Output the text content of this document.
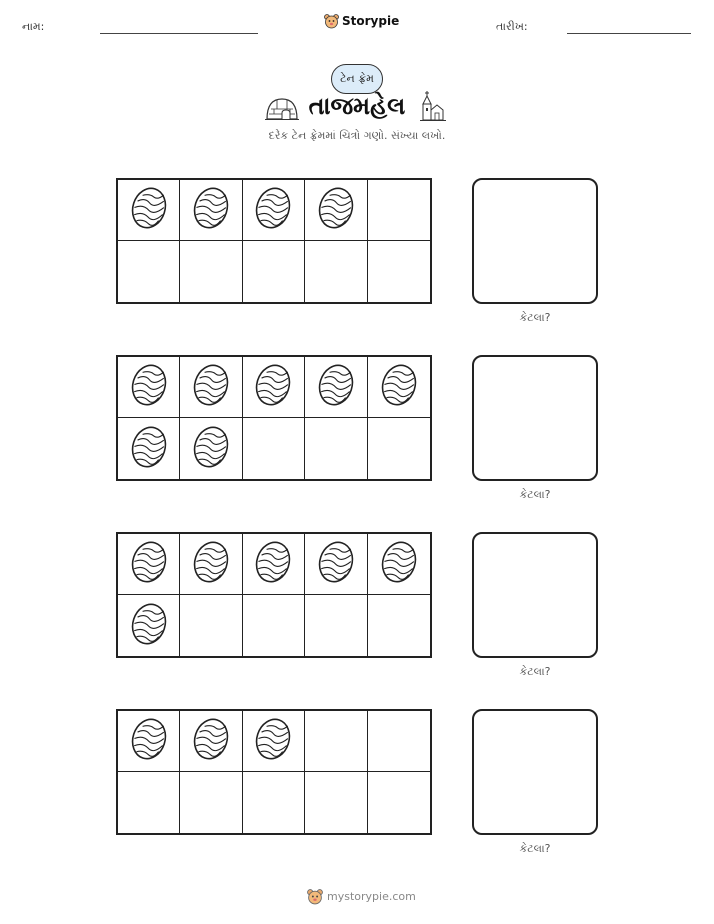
નામ:	Storypie	તારીખ:
ટેન ફ્રેમ
તાજમહેલ
દરેક ટેન ફ્રેમમાં ચિત્રો ગણો. સંખ્યા લખો.
કેટલા?
કેટલા?
કેટલા?
કેટલા?
mystorypie.com
